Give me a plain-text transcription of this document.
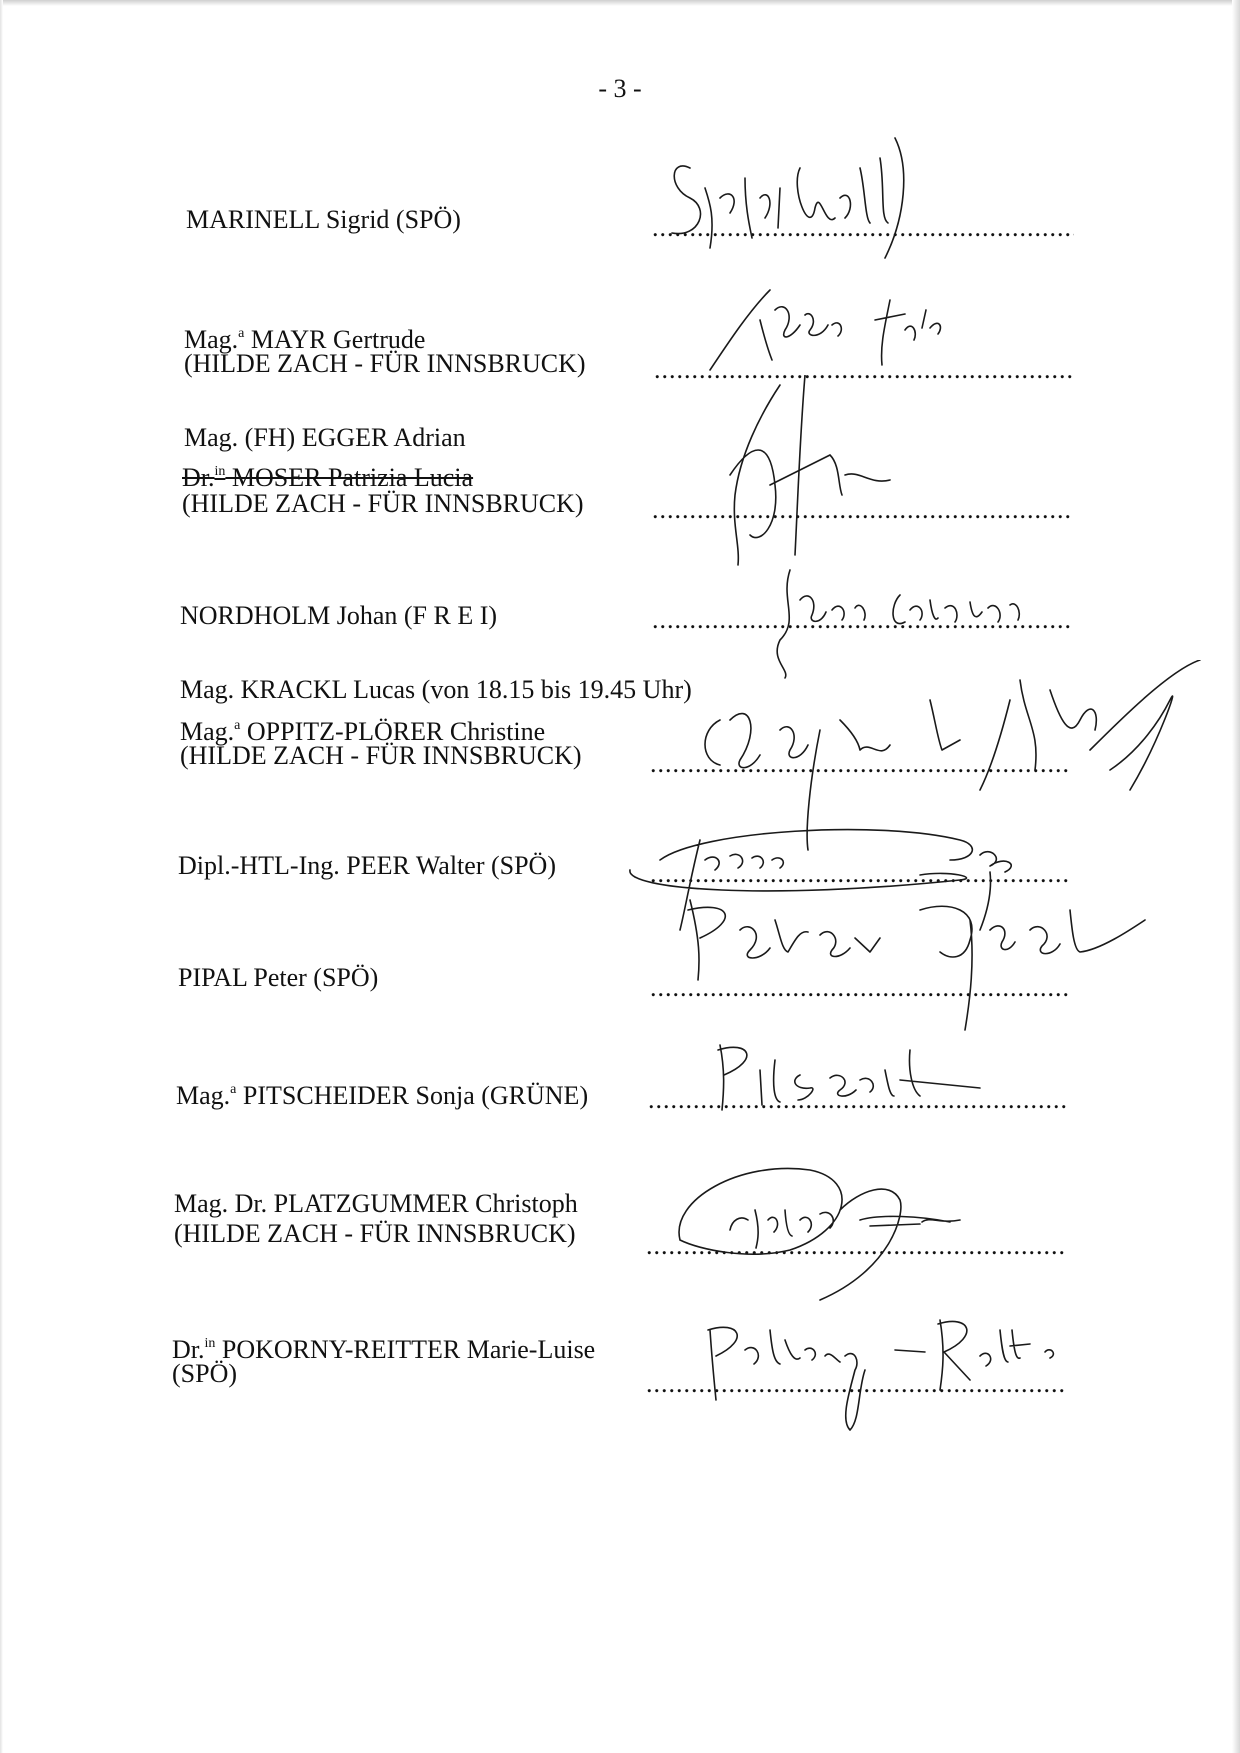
- 3 -
MARINELL Sigrid (SPÖ)
.....
Mag.$^a$ MAYR Gertrude
(HILDE ZACH - FÜR INNSBRUCK)
.....
Mag. (FH) EGGER Adrian
Dr.$^{in}$ MOSER Patrizia Lucia
(HILDE ZACH - FÜR INNSBRUCK)
.....
NORDHOLM Johan (F R E I)
.....
Mag. KRACKL Lucas (von 18.15 bis 19.45 Uhr)
Mag.$^a$ OPPITZ-PLÖRER Christine
(HILDE ZACH - FÜR INNSBRUCK)
.....
Dipl.-HTL-Ing. PEER Walter (SPÖ)
.....
PIPAL Peter (SPÖ)
.....
Mag.$^a$ PITSCHEIDER Sonja (GRÜNE)
.....
Mag. Dr. PLATZGUMMER Christoph
(HILDE ZACH - FÜR INNSBRUCK)
.....
Dr.$^{in}$ POKORNY-REITTER Marie-Luise
(SPÖ)
.....
